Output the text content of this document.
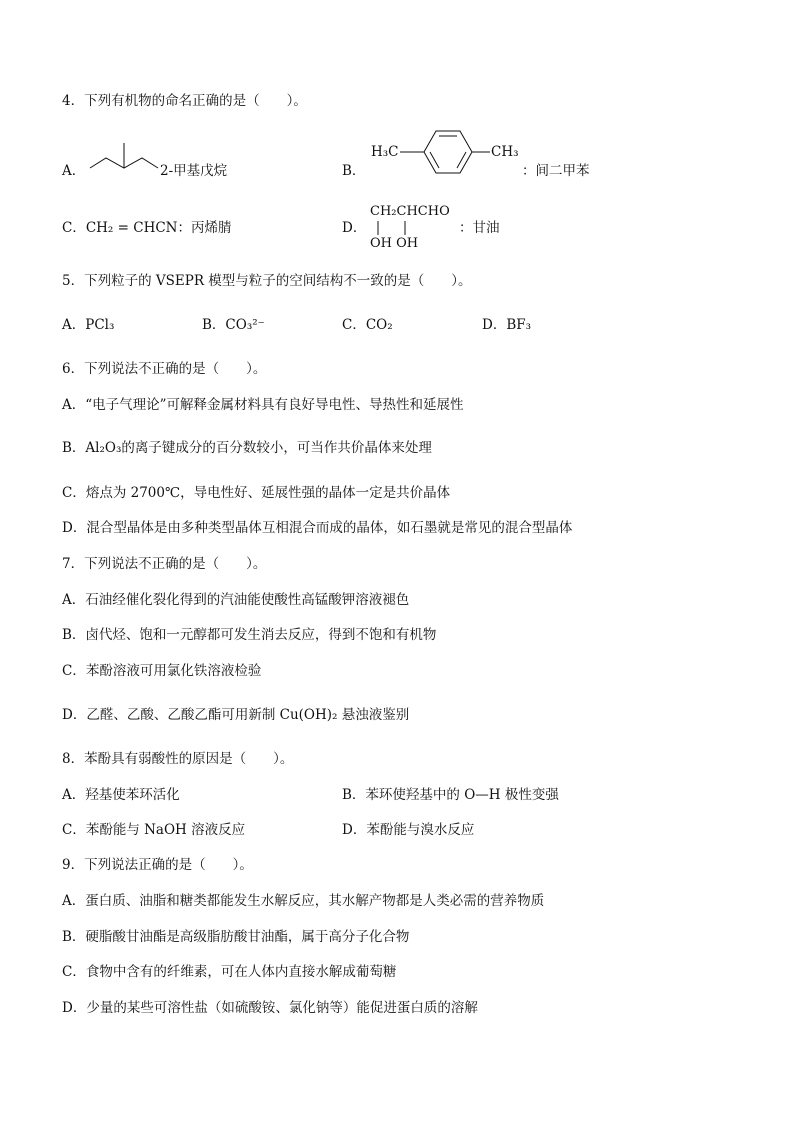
4．下列有机物的命名正确的是（　　）。
A．	2-甲基戊烷	B．
H₃C	CH₃
：间二甲苯
C．CH₂ = CHCN：丙烯腈	D．
CH₂CHCHO
OH OH
：甘油
5．下列粒子的 VSEPR 模型与粒子的空间结构不一致的是（　　）。
A．PCl₃	B．CO₃²⁻	C．CO₂	D．BF₃
6．下列说法不正确的是（　　）。
A．“电子气理论”可解释金属材料具有良好导电性、导热性和延展性
B．Al₂O₃的离子键成分的百分数较小，可当作共价晶体来处理
C．熔点为 2700℃，导电性好、延展性强的晶体一定是共价晶体
D．混合型晶体是由多种类型晶体互相混合而成的晶体，如石墨就是常见的混合型晶体
7．下列说法不正确的是（　　）。
A．石油经催化裂化得到的汽油能使酸性高锰酸钾溶液褪色
B．卤代烃、饱和一元醇都可发生消去反应，得到不饱和有机物
C．苯酚溶液可用氯化铁溶液检验
D．乙醛、乙酸、乙酸乙酯可用新制 Cu(OH)₂ 悬浊液鉴别
8．苯酚具有弱酸性的原因是（　　）。
A．羟基使苯环活化	B．苯环使羟基中的 O—H 极性变强
C．苯酚能与 NaOH 溶液反应	D．苯酚能与溴水反应
9．下列说法正确的是（　　）。
A．蛋白质、油脂和糖类都能发生水解反应，其水解产物都是人类必需的营养物质
B．硬脂酸甘油酯是高级脂肪酸甘油酯，属于高分子化合物
C．食物中含有的纤维素，可在人体内直接水解成葡萄糖
D．少量的某些可溶性盐（如硫酸铵、氯化钠等）能促进蛋白质的溶解
